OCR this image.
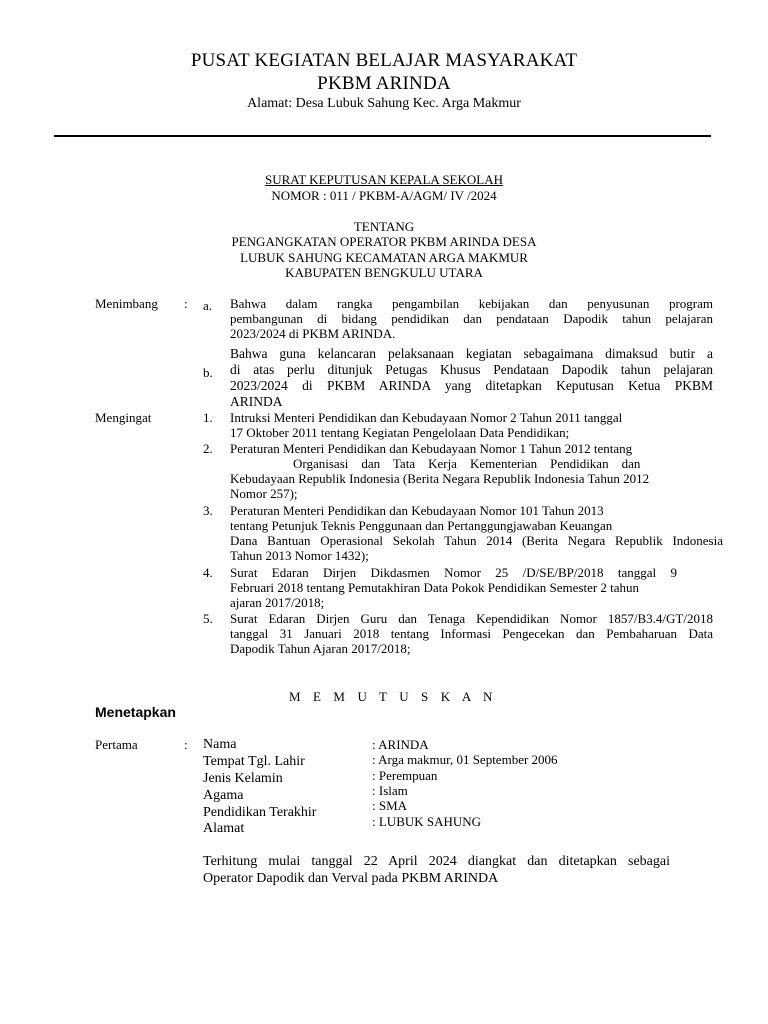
PUSAT KEGIATAN BELAJAR MASYARAKAT
PKBM ARINDA
Alamat: Desa Lubuk Sahung Kec. Arga Makmur
SURAT KEPUTUSAN KEPALA SEKOLAH
NOMOR : 011 / PKBM-A/AGM/ IV /2024
TENTANG
PENGANGKATAN OPERATOR PKBM ARINDA DESA
LUBUK SAHUNG KECAMATAN ARGA MAKMUR
KABUPATEN BENGKULU UTARA
Menimbang : a. Bahwa dalam rangka pengambilan kebijakan dan penyusunan program
pembangunan di bidang pendidikan dan pendataan Dapodik tahun pelajaran
2023/2024 di PKBM ARINDA.
b.
Bahwa guna kelancaran pelaksanaan kegiatan sebagaimana dimaksud butir a
di atas perlu ditunjuk Petugas Khusus Pendataan Dapodik tahun pelajaran
2023/2024 di PKBM ARINDA yang ditetapkan Keputusan Ketua PKBM
ARINDA
Mengingat	1. Intruksi Menteri Pendidikan dan Kebudayaan Nomor 2 Tahun 2011 tanggal
17 Oktober 2011 tentang Kegiatan Pengelolaan Data Pendidikan;
2. Peraturan Menteri Pendidikan dan Kebudayaan Nomor 1 Tahun 2012 tentang
Organisasi    dan    Tata    Kerja    Kementerian    Pendidikan    dan
Kebudayaan Republik Indonesia (Berita Negara Republik Indonesia Tahun 2012
Nomor 257);
3. Peraturan Menteri Pendidikan dan Kebudayaan Nomor 101 Tahun 2013
tentang Petunjuk Teknis Penggunaan dan Pertanggungjawaban Keuangan
Dana Bantuan Operasional Sekolah Tahun 2014 (Berita Negara Republik Indonesia
Tahun 2013 Nomor 1432);
4. Surat Edaran Dirjen Dikdasmen Nomor 25 /D/SE/BP/2018 tanggal 9
Februari 2018 tentang Pemutakhiran Data Pokok Pendidikan Semester 2 tahun
ajaran 2017/2018;
5. Surat Edaran Dirjen Guru dan Tenaga Kependidikan Nomor 1857/B3.4/GT/2018
tanggal 31 Januari 2018 tentang Informasi Pengecekan dan Pembaharuan Data
Dapodik Tahun Ajaran 2017/2018;
M E M U T U S K A N
Menetapkan
Pertama	: Nama
Tempat Tgl. Lahir
Jenis Kelamin
Agama
Pendidikan Terakhir
Alamat
: ARINDA
: Arga makmur, 01 September 2006
: Perempuan
: Islam
: SMA
: LUBUK SAHUNG
Terhitung mulai tanggal 22 April 2024 diangkat dan ditetapkan sebagai
Operator Dapodik dan Verval pada PKBM ARINDA
